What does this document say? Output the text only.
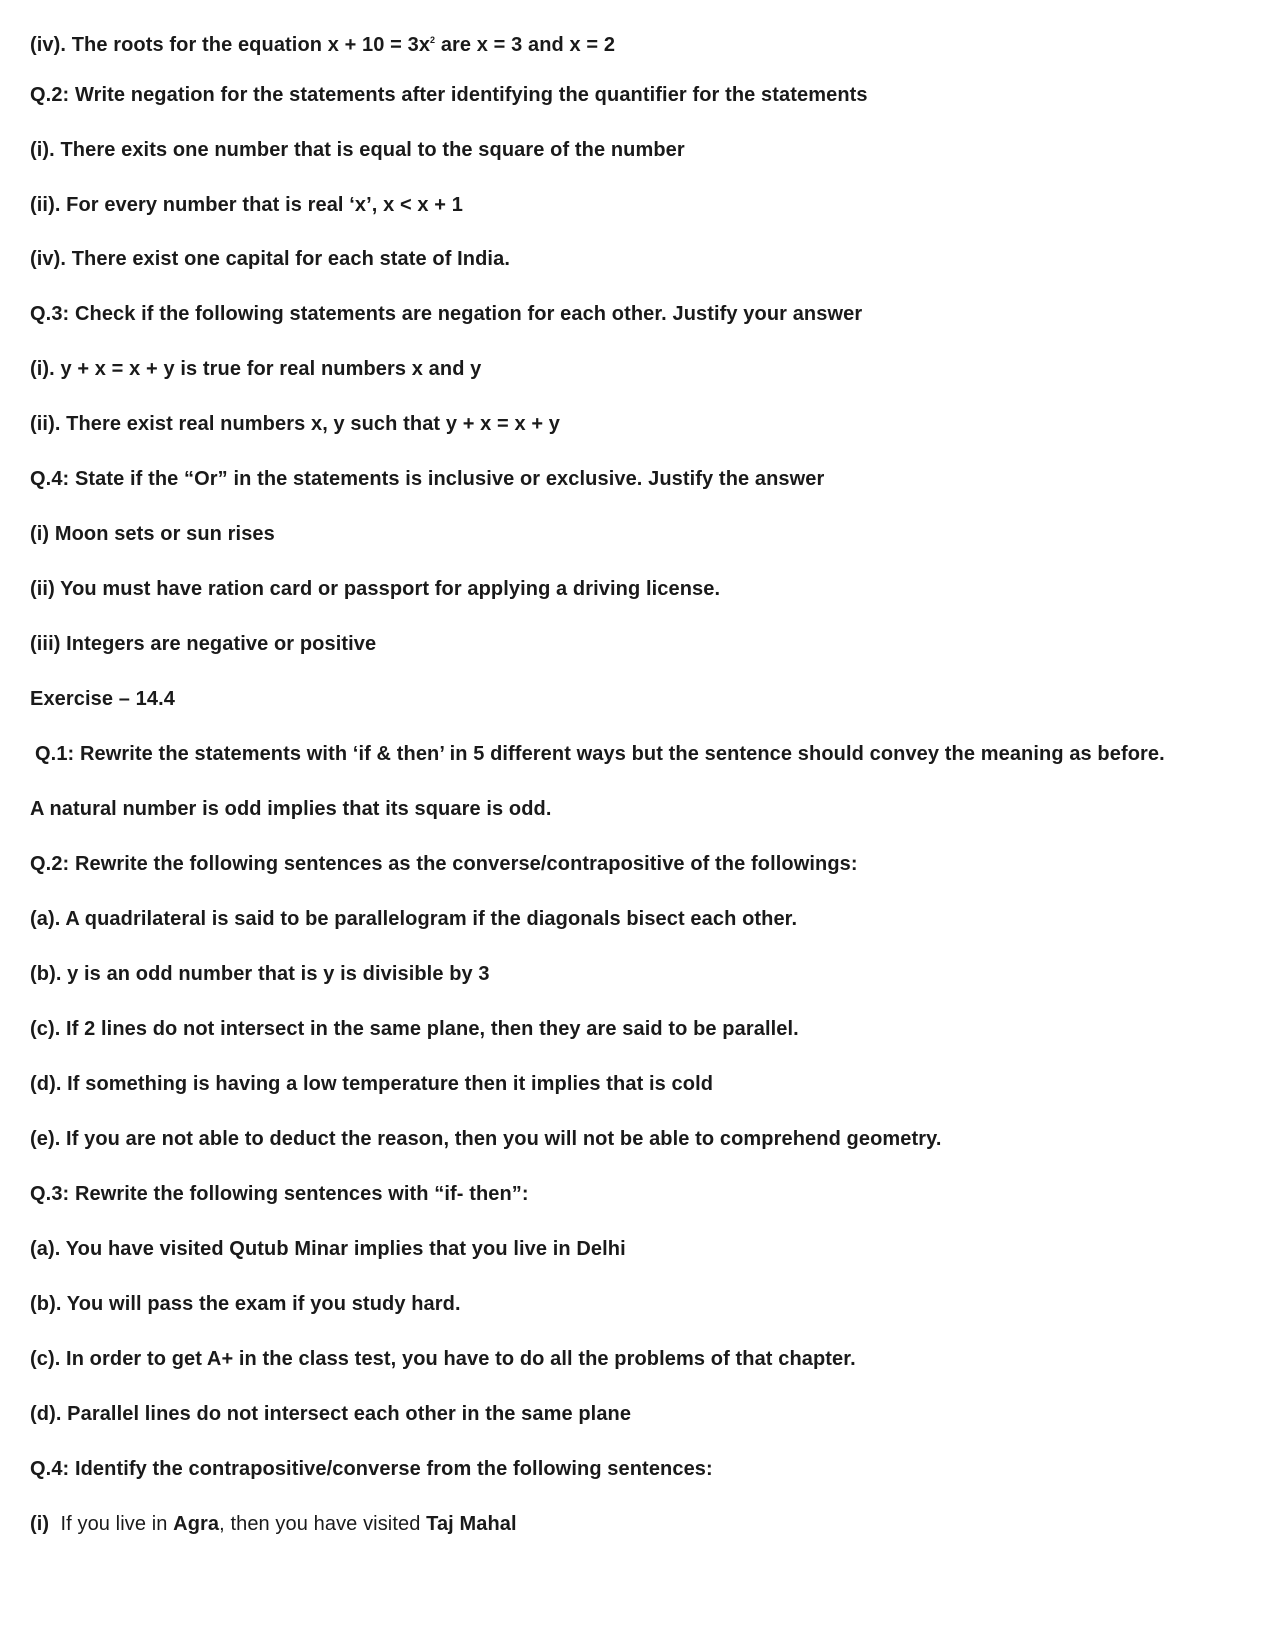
(iv). The roots for the equation $x + 10 = 3x^2$ are x = 3 and x = 2
Q.2: Write negation for the statements after identifying the quantifier for the statements
(i). There exits one number that is equal to the square of the number
(ii). For every number that is real ‘x’, x < x + 1
(iv). There exist one capital for each state of India.
Q.3: Check if the following statements are negation for each other. Justify your answer
(i). y + x = x + y is true for real numbers x and y
(ii). There exist real numbers x, y such that y + x = x + y
Q.4: State if the “Or” in the statements is inclusive or exclusive. Justify the answer
(i) Moon sets or sun rises
(ii) You must have ration card or passport for applying a driving license.
(iii) Integers are negative or positive
Exercise – 14.4
Q.1: Rewrite the statements with ‘if & then’ in 5 different ways but the sentence should convey the meaning as before.
A natural number is odd implies that its square is odd.
Q.2: Rewrite the following sentences as the converse/contrapositive of the followings:
(a). A quadrilateral is said to be parallelogram if the diagonals bisect each other.
(b). y is an odd number that is y is divisible by 3
(c). If 2 lines do not intersect in the same plane, then they are said to be parallel.
(d). If something is having a low temperature then it implies that is cold
(e). If you are not able to deduct the reason, then you will not be able to comprehend geometry.
Q.3: Rewrite the following sentences with “if- then”:
(a). You have visited Qutub Minar implies that you live in Delhi
(b). You will pass the exam if you study hard.
(c). In order to get A+ in the class test, you have to do all the problems of that chapter.
(d). Parallel lines do not intersect each other in the same plane
Q.4: Identify the contrapositive/converse from the following sentences:
(i)  If you live in Agra, then you have visited Taj Mahal
